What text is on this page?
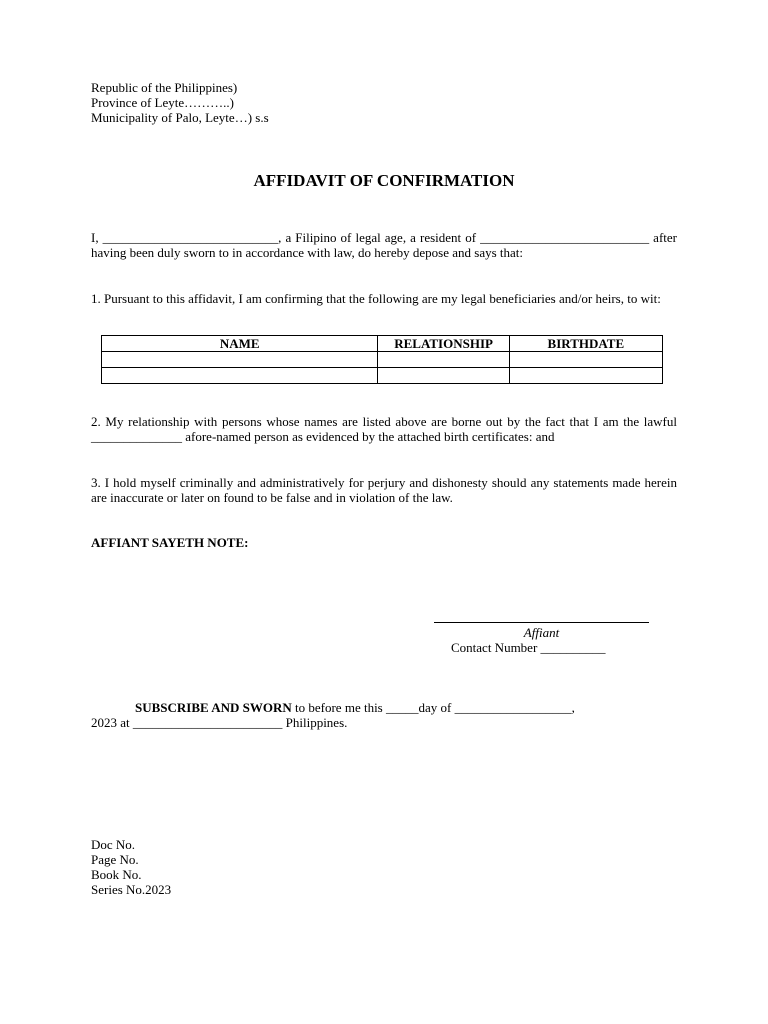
Republic of the Philippines)
Province of Leyte………..)
Municipality of Palo, Leyte…) s.s
AFFIDAVIT OF CONFIRMATION
I, ___________________________, a Filipino of legal age, a resident of __________________________ after having been duly sworn to in accordance with law, do hereby depose and says that:
1. Pursuant to this affidavit, I am confirming that the following are my legal beneficiaries and/or heirs, to wit:
NAME	RELATIONSHIP	BIRTHDATE

2. My relationship with persons whose names are listed above are borne out by the fact that I am the lawful ______________ afore-named person as evidenced by the attached birth certificates: and
3. I hold myself criminally and administratively for perjury and dishonesty should any statements made herein are inaccurate or later on found to be false and in violation of the law.
AFFIANT SAYETH NOTE:
Affiant
Contact Number __________
SUBSCRIBE AND SWORN to before me this _____day of __________________,
2023 at _______________________ Philippines.
Doc No.
Page No.
Book No.
Series No.2023
